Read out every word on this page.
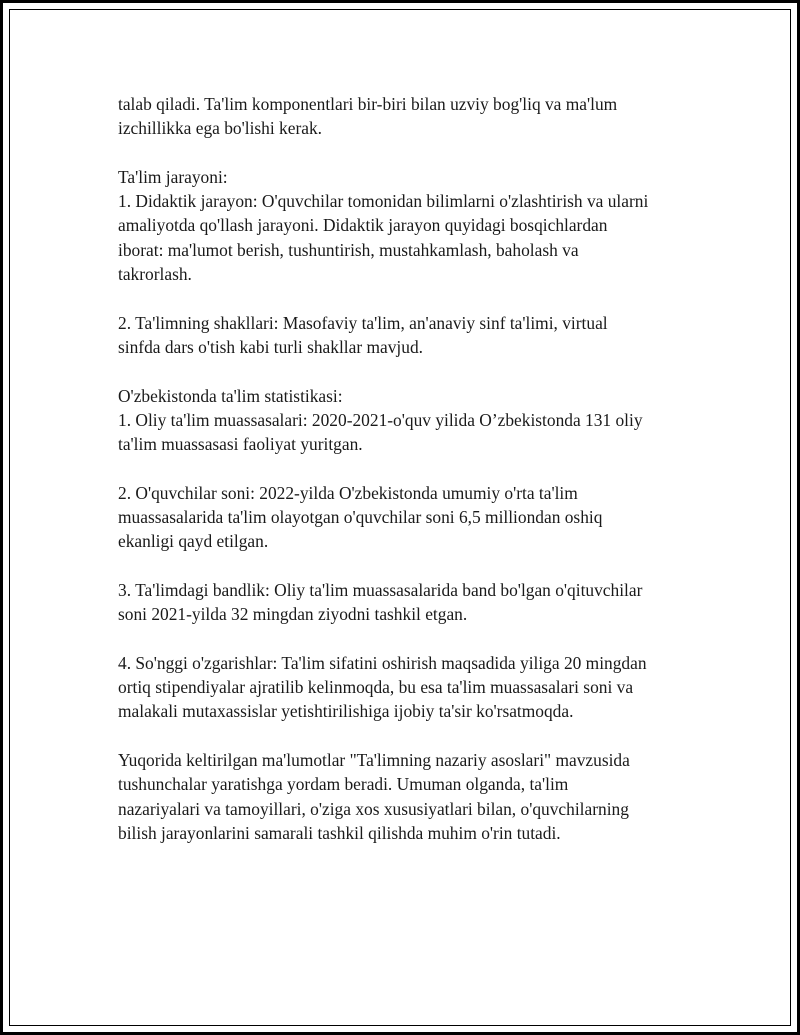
talab qiladi. Ta'lim komponentlari bir-biri bilan uzviy bog'liq va ma'lum
izchillikka ega bo'lishi kerak.

Ta'lim jarayoni:
1. Didaktik jarayon: O'quvchilar tomonidan bilimlarni o'zlashtirish va ularni
amaliyotda qo'llash jarayoni. Didaktik jarayon quyidagi bosqichlardan
iborat: ma'lumot berish, tushuntirish, mustahkamlash, baholash va
takrorlash.

2. Ta'limning shakllari: Masofaviy ta'lim, an'anaviy sinf ta'limi, virtual
sinfda dars o'tish kabi turli shakllar mavjud.

O'zbekistonda ta'lim statistikasi:
1. Oliy ta'lim muassasalari: 2020-2021-o'quv yilida O’zbekistonda 131 oliy
ta'lim muassasasi faoliyat yuritgan.

2. O'quvchilar soni: 2022-yilda O'zbekistonda umumiy o'rta ta'lim
muassasalarida ta'lim olayotgan o'quvchilar soni 6,5 milliondan oshiq
ekanligi qayd etilgan.

3. Ta'limdagi bandlik: Oliy ta'lim muassasalarida band bo'lgan o'qituvchilar
soni 2021-yilda 32 mingdan ziyodni tashkil etgan.

4. So'nggi o'zgarishlar: Ta'lim sifatini oshirish maqsadida yiliga 20 mingdan
ortiq stipendiyalar ajratilib kelinmoqda, bu esa ta'lim muassasalari soni va
malakali mutaxassislar yetishtirilishiga ijobiy ta'sir ko'rsatmoqda.

Yuqorida keltirilgan ma'lumotlar "Ta'limning nazariy asoslari" mavzusida
tushunchalar yaratishga yordam beradi. Umuman olganda, ta'lim
nazariyalari va tamoyillari, o'ziga xos xususiyatlari bilan, o'quvchilarning
bilish jarayonlarini samarali tashkil qilishda muhim o'rin tutadi.
